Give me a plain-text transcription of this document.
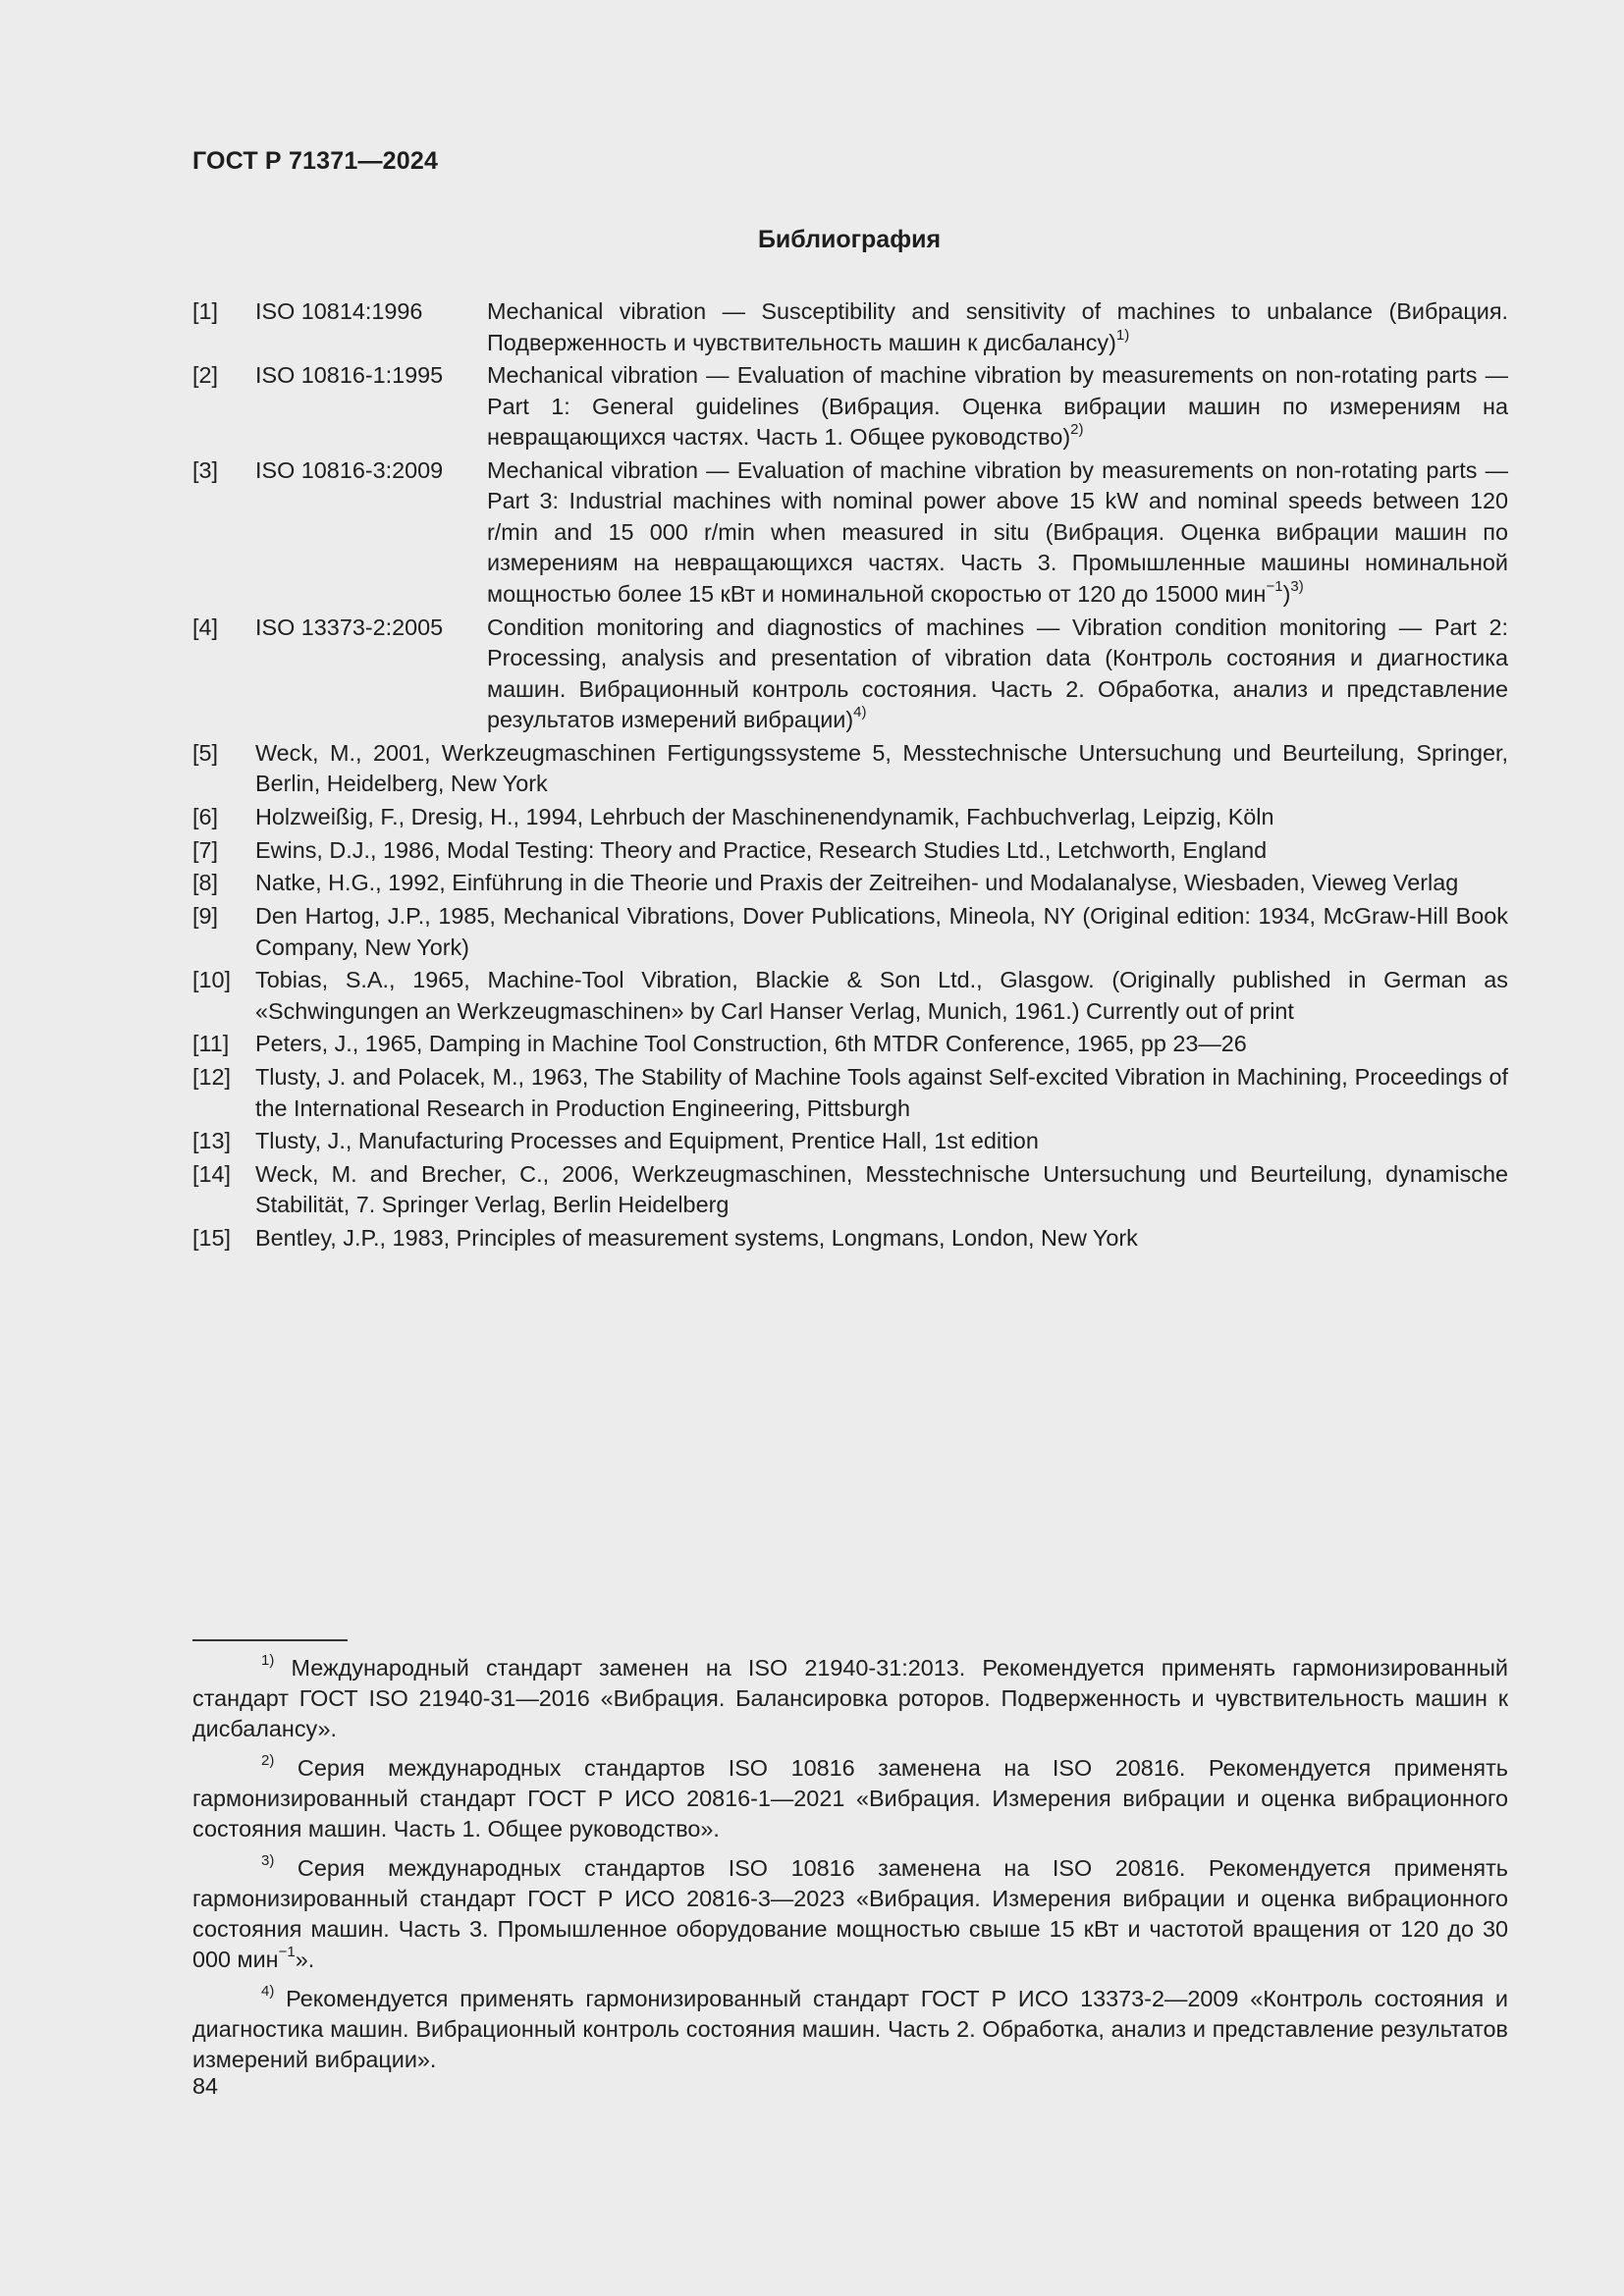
ГОСТ Р 71371—2024
Библиография
[1] ISO 10814:1996	Mechanical vibration — Susceptibility and sensitivity of machines to unbalance (Вибрация. Подверженность и чувствительность машин к дисбалансу)$^{1)}$
[2] ISO 10816-1:1995 Mechanical vibration — Evaluation of machine vibration by measurements on non-rotating parts — Part 1: General guidelines (Вибрация. Оценка вибрации машин по измерениям на невращающихся частях. Часть 1. Общее руководство)$^{2)}$
[3] ISO 10816-3:2009 Mechanical vibration — Evaluation of machine vibration by measurements on non-rotating parts — Part 3: Industrial machines with nominal power above 15 kW and nominal speeds between 120 r/min and 15 000 r/min when measured in situ (Вибрация. Оценка вибрации машин по измерениям на невращающихся частях. Часть 3. Промышленные машины номинальной мощностью более 15 кВт и номинальной скоростью от 120 до 15000 мин$^{-1}$)$^{3)}$
[4] ISO 13373-2:2005 Condition monitoring and diagnostics of machines — Vibration condition monitoring — Part 2: Processing, analysis and presentation of vibration data (Контроль состояния и диагностика машин. Вибрационный контроль состояния. Часть 2. Обработка, анализ и представление результатов измерений вибрации)$^{4)}$
[5] Weck, M., 2001, Werkzeugmaschinen Fertigungssysteme 5, Messtechnische Untersuchung und Beurteilung, Springer, Berlin, Heidelberg, New York
[6] Holzweißig, F., Dresig, H., 1994, Lehrbuch der Maschinenendynamik, Fachbuchverlag, Leipzig, Köln
[7] Ewins, D.J., 1986, Modal Testing: Theory and Practice, Research Studies Ltd., Letchworth, England
[8] Natke, H.G., 1992, Einführung in die Theorie und Praxis der Zeitreihen- und Modalanalyse, Wiesbaden, Vieweg Verlag
[9] Den Hartog, J.P., 1985, Mechanical Vibrations, Dover Publications, Mineola, NY (Original edition: 1934, McGraw-Hill Book Company, New York)
[10] Tobias, S.A., 1965, Machine-Tool Vibration, Blackie & Son Ltd., Glasgow. (Originally published in German as «Schwingungen an Werkzeugmaschinen» by Carl Hanser Verlag, Munich, 1961.) Currently out of print
[11] Peters, J., 1965, Damping in Machine Tool Construction, 6th MTDR Conference, 1965, pp 23—26
[12] Tlusty, J. and Polacek, M., 1963, The Stability of Machine Tools against Self-excited Vibration in Machining, Proceedings of the International Research in Production Engineering, Pittsburgh
[13] Tlusty, J., Manufacturing Processes and Equipment, Prentice Hall, 1st edition
[14] Weck, M. and Brecher, C., 2006, Werkzeugmaschinen, Messtechnische Untersuchung und Beurteilung, dynamische Stabilität, 7. Springer Verlag, Berlin Heidelberg
[15] Bentley, J.P., 1983, Principles of measurement systems, Longmans, London, New York
$^{1)}$ Международный стандарт заменен на ISO 21940-31:2013. Рекомендуется применять гармонизированный стандарт ГОСТ ISO 21940-31—2016 «Вибрация. Балансировка роторов. Подверженность и чувствительность машин к дисбалансу».
$^{2)}$ Серия международных стандартов ISO 10816 заменена на ISO 20816. Рекомендуется применять гармонизированный стандарт ГОСТ Р ИСО 20816-1—2021 «Вибрация. Измерения вибрации и оценка вибрационного состояния машин. Часть 1. Общее руководство».
$^{3)}$ Серия международных стандартов ISO 10816 заменена на ISO 20816. Рекомендуется применять гармонизированный стандарт ГОСТ Р ИСО 20816-3—2023 «Вибрация. Измерения вибрации и оценка вибрационного состояния машин. Часть 3. Промышленное оборудование мощностью свыше 15 кВт и частотой вращения от 120 до 30 000 мин$^{-1}$».
$^{4)}$ Рекомендуется применять гармонизированный стандарт ГОСТ Р ИСО 13373-2—2009 «Контроль состояния и диагностика машин. Вибрационный контроль состояния машин. Часть 2. Обработка, анализ и представление результатов измерений вибрации».
84
